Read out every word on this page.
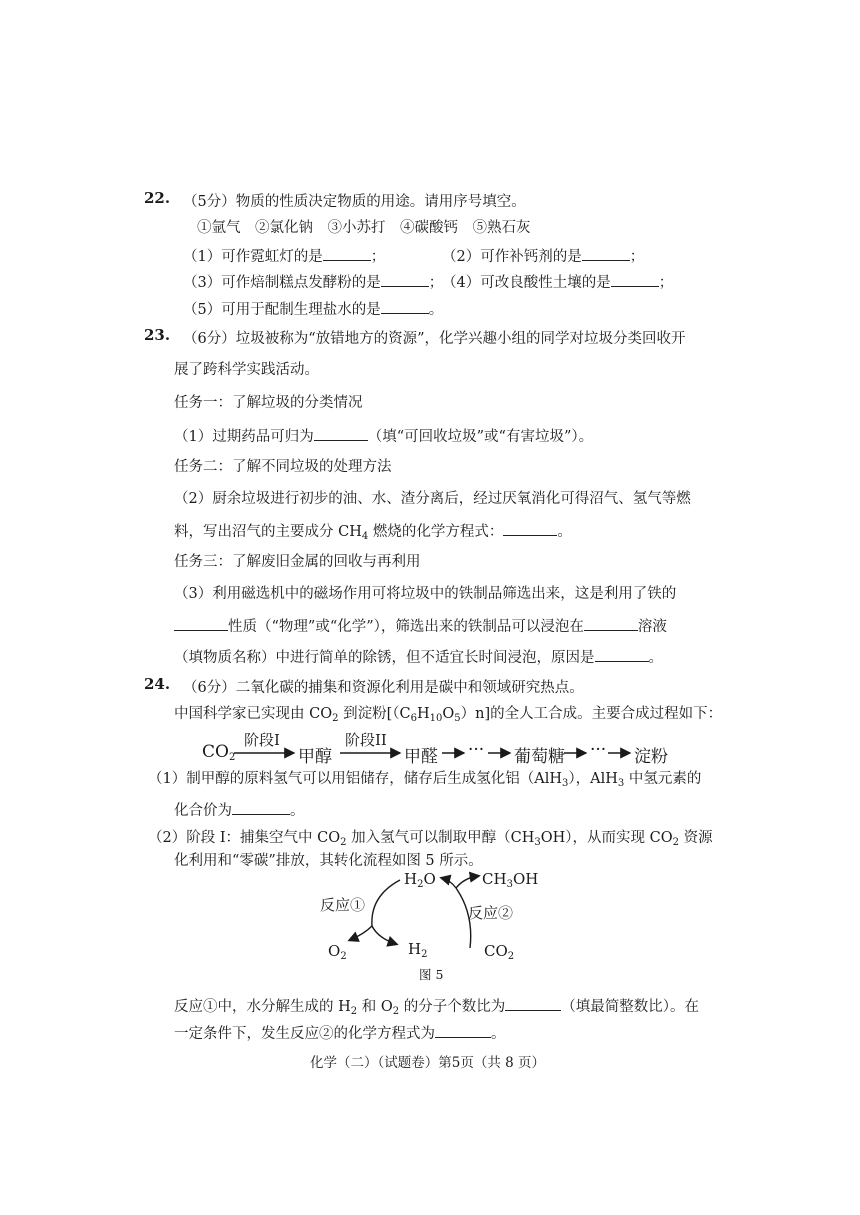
22. （5分）物质的性质决定物质的用途。请用序号填空。
①氩气　②氯化钠　③小苏打　④碳酸钙　⑤熟石灰
（1）可作霓虹灯的是	；	（2）可作补钙剂的是	；
（3）可作焙制糕点发酵粉的是	；
（4）可改良酸性土壤的是	；
（5）可用于配制生理盐水的是	。
23. （6分）垃圾被称为“放错地方的资源”，化学兴趣小组的同学对垃圾分类回收开
展了跨科学实践活动。
任务一：了解垃圾的分类情况
（1）过期药品可归为	（填“可回收垃圾”或“有害垃圾”）。
任务二：了解不同垃圾的处理方法
（2）厨余垃圾进行初步的油、水、渣分离后，经过厌氧消化可得沼气、氢气等燃
料，写出沼气的主要成分 $CH_4$ 燃烧的化学方程式：	。
任务三：了解废旧金属的回收与再利用
（3）利用磁选机中的磁场作用可将垃圾中的铁制品筛选出来，这是利用了铁的
性质（“物理”或“化学”），筛选出来的铁制品可以浸泡在	溶液
（填物质名称）中进行简单的除锈，但不适宜长时间浸泡，原因是	。
24. （6分）二氧化碳的捕集和资源化利用是碳中和领域研究热点。
中国科学家已实现由 $CO_2$ 到淀粉$[(C_6H_{10}O_5)n]$的全人工合成。主要合成过程如下：
$CO_2$
阶段I
甲醇
阶段II
甲醛 ··· 葡萄糖 ··· 淀粉
（1）制甲醇的原料氢气可以用铝储存，储存后生成氢化铝（AlH$_3$），AlH$_3$ 中氢元素的
化合价为	。
（2）阶段 I：捕集空气中 $CO_2$ 加入氢气可以制取甲醇$(CH_3OH)$，从而实现 $CO_2$ 资源
化利用和“零碳”排放，其转化流程如图 5 所示。
$H_2O$	$CH_3OH$
反应①	反应②
$O_2$	$H_2$	$CO_2$
图 5
反应①中，水分解生成的 $H_2$ 和 $O_2$ 的分子个数比为	（填最简整数比）。在
一定条件下，发生反应②的化学方程式为	。
化学（二）（试题卷）第5页（共 8 页）
